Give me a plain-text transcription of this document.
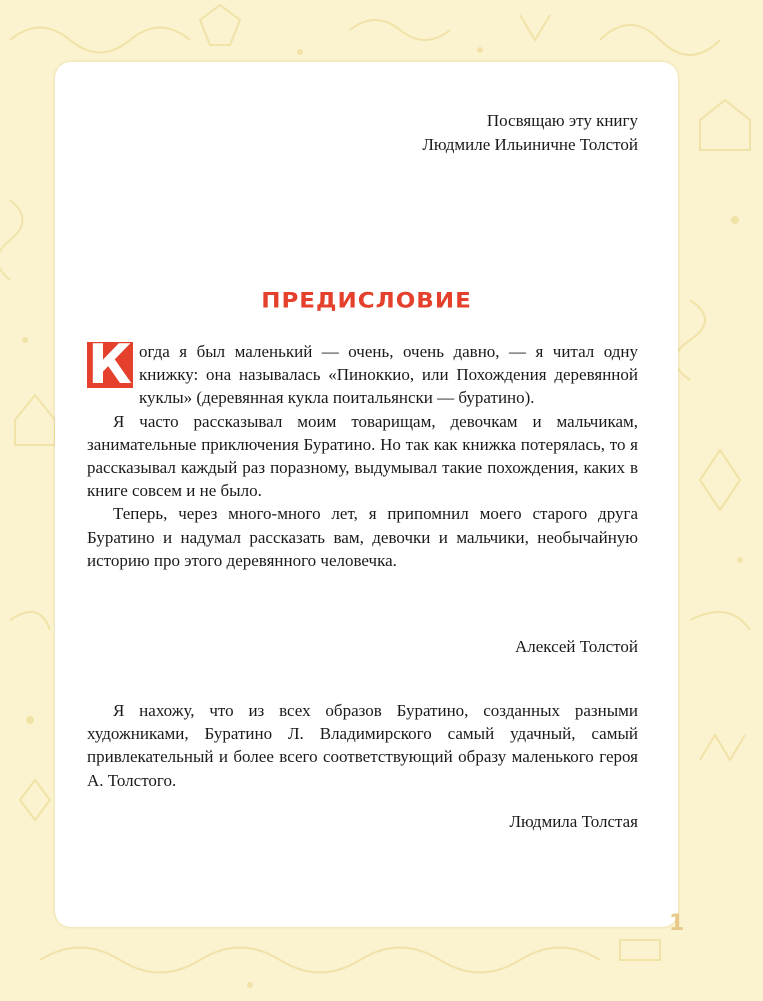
Посвящаю эту книгу
Людмиле Ильиничне Толстой
ПРЕДИСЛОВИЕ

К огда я был маленький — очень, очень давно, — я читал одну книжку: она называлась «Пиноккио, или Похождения деревянной куклы» (деревянная кукла поитальянски — буратино).

Я часто рассказывал моим товарищам, девочкам и мальчикам, занимательные приключения Буратино. Но так как книжка потерялась, то я рассказывал каждый раз поразному, выдумывал такие похождения, каких в книге совсем и не было.

Теперь, через много-много лет, я припомнил моего старого друга Буратино и надумал рассказать вам, девочки и мальчики, необычайную историю про этого деревянного человечка.

Алексей Толстой

Я нахожу, что из всех образов Буратино, созданных разными художниками, Буратино Л. Владимирского самый удачный, самый привлекательный и более всего соответствующий образу маленького героя А. Толстого.

Людмила Толстая
1
